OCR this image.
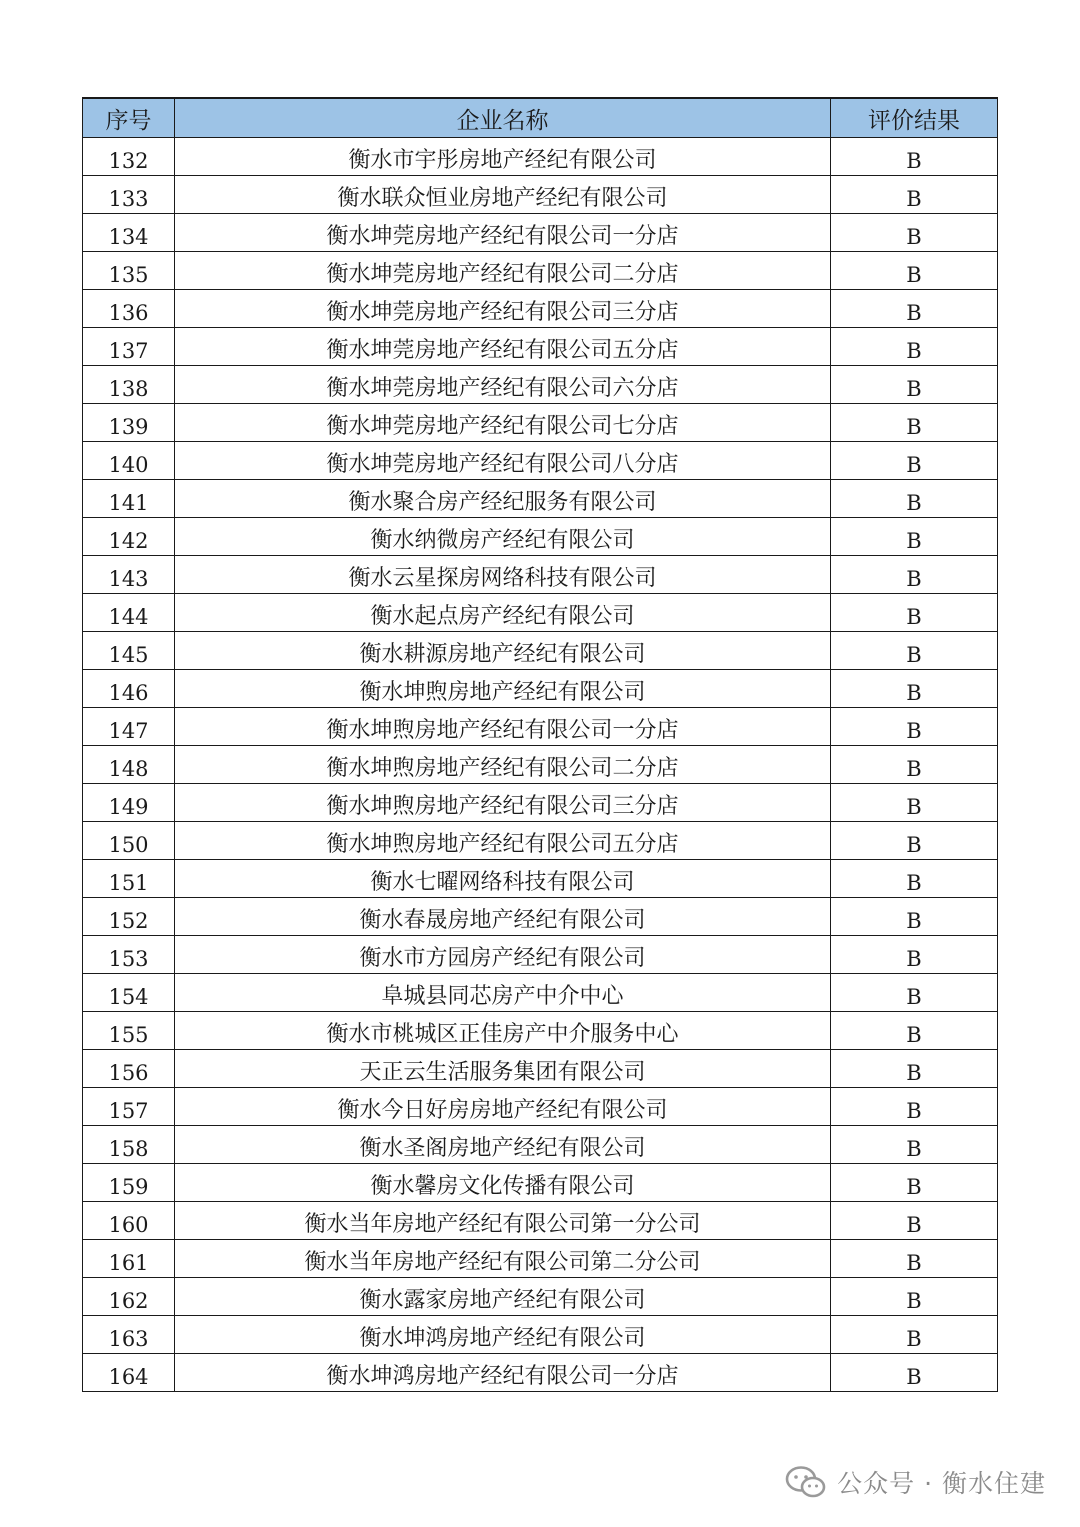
序号	企业名称	评价结果
132	衡水市宇彤房地产经纪有限公司	B
133	衡水联众恒业房地产经纪有限公司	B
134	衡水坤莞房地产经纪有限公司一分店	B
135	衡水坤莞房地产经纪有限公司二分店	B
136	衡水坤莞房地产经纪有限公司三分店	B
137	衡水坤莞房地产经纪有限公司五分店	B
138	衡水坤莞房地产经纪有限公司六分店	B
139	衡水坤莞房地产经纪有限公司七分店	B
140	衡水坤莞房地产经纪有限公司八分店	B
141	衡水聚合房产经纪服务有限公司	B
142	衡水纳微房产经纪有限公司	B
143	衡水云星探房网络科技有限公司	B
144	衡水起点房产经纪有限公司	B
145	衡水耕源房地产经纪有限公司	B
146	衡水坤煦房地产经纪有限公司	B
147	衡水坤煦房地产经纪有限公司一分店	B
148	衡水坤煦房地产经纪有限公司二分店	B
149	衡水坤煦房地产经纪有限公司三分店	B
150	衡水坤煦房地产经纪有限公司五分店	B
151	衡水七曜网络科技有限公司	B
152	衡水春晟房地产经纪有限公司	B
153	衡水市方园房产经纪有限公司	B
154	阜城县同芯房产中介中心	B
155	衡水市桃城区正佳房产中介服务中心	B
156	天正云生活服务集团有限公司	B
157	衡水今日好房房地产经纪有限公司	B
158	衡水圣阁房地产经纪有限公司	B
159	衡水馨房文化传播有限公司	B
160	衡水当年房地产经纪有限公司第一分公司	B
161	衡水当年房地产经纪有限公司第二分公司	B
162	衡水露家房地产经纪有限公司	B
163	衡水坤鸿房地产经纪有限公司	B
164	衡水坤鸿房地产经纪有限公司一分店	B
公众号 · 衡水住建
